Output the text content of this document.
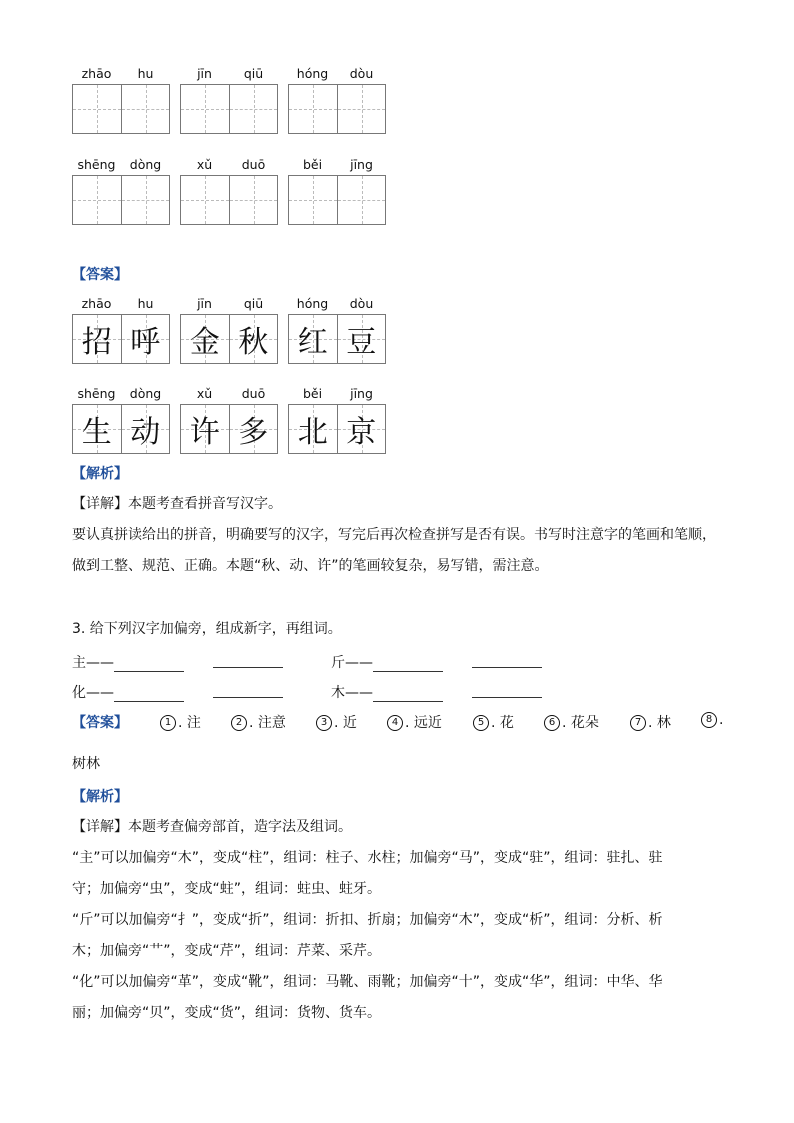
zhāo	hu	jīn	qiū	hóng	dòu
shēng	dòng	xǔ	duō	běi	jīng
【答案】
zhāo	hu
招 呼
jīn	qiū
金 秋
hóng	dòu
红 豆
shēng	dòng
生 动
xǔ	duō
许 多
běi	jīng
北 京
【解析】
【详解】本题考查看拼音写汉字。
要认真拼读给出的拼音，明确要写的汉字，写完后再次检查拼写是否有误。书写时注意字的笔画和笔顺，
做到工整、规范、正确。本题“秋、动、许”的笔画较复杂，易写错，需注意。
3. 给下列汉字加偏旁，组成新字，再组词。
主——	斤——
化——	木——
【答案】	1 . 注	2 . 注意	3 . 近	4 . 远近	5 . 花	6 . 花朵	7 . 林	8 .
树林
【解析】
【详解】本题考查偏旁部首，造字法及组词。
“主”可以加偏旁“木”，变成“柱”，组词：柱子、水柱；加偏旁“马”，变成“驻”，组词：驻扎、驻
守；加偏旁“虫”，变成“蛀”，组词：蛀虫、蛀牙。
“斤”可以加偏旁“扌”，变成“折”，组词：折扣、折扇；加偏旁“木”，变成“析”，组词：分析、析
木；加偏旁“艹”，变成“芹”，组词：芹菜、采芹。
“化”可以加偏旁“革”，变成“靴”，组词：马靴、雨靴；加偏旁“十”，变成“华”，组词：中华、华
丽；加偏旁“贝”，变成“货”，组词：货物、货车。
